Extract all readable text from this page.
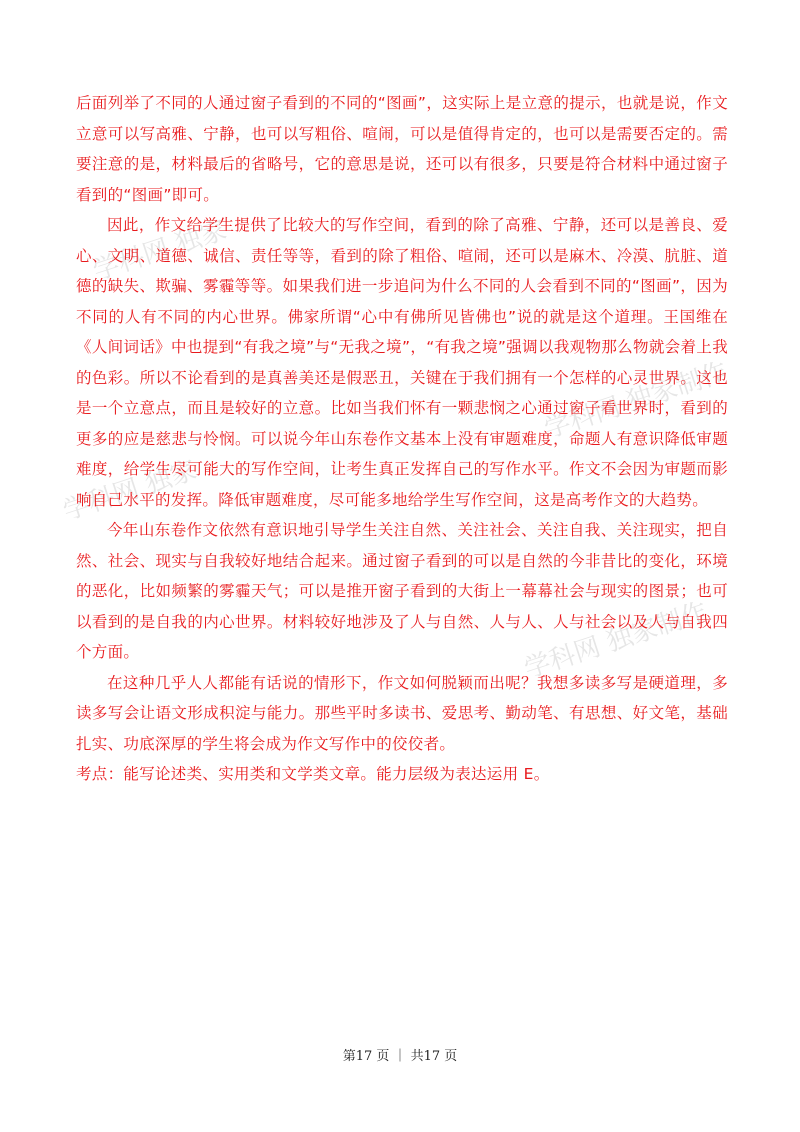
学科网 独家
学科网 独家
学科网 独家制作
学科网 独家制作

后面列举了不同的人通过窗子看到的不同的“图画”，这实际上是立意的提示，也就是说，作文立意可以写高雅、宁静，也可以写粗俗、喧闹，可以是值得肯定的，也可以是需要否定的。需要注意的是，材料最后的省略号，它的意思是说，还可以有很多，只要是符合材料中通过窗子看到的“图画”即可。

因此，作文给学生提供了比较大的写作空间，看到的除了高雅、宁静，还可以是善良、爱心、文明、道德、诚信、责任等等，看到的除了粗俗、喧闹，还可以是麻木、冷漠、肮脏、道德的缺失、欺骗、雾霾等等。如果我们进一步追问为什么不同的人会看到不同的“图画”，因为不同的人有不同的内心世界。佛家所谓“心中有佛所见皆佛也”说的就是这个道理。王国维在《人间词话》中也提到“有我之境”与“无我之境”，“有我之境”强调以我观物那么物就会着上我的色彩。所以不论看到的是真善美还是假恶丑，关键在于我们拥有一个怎样的心灵世界。这也是一个立意点，而且是较好的立意。比如当我们怀有一颗悲悯之心通过窗子看世界时，看到的更多的应是慈悲与怜悯。可以说今年山东卷作文基本上没有审题难度，命题人有意识降低审题难度，给学生尽可能大的写作空间，让考生真正发挥自己的写作水平。作文不会因为审题而影响自己水平的发挥。降低审题难度，尽可能多地给学生写作空间，这是高考作文的大趋势。

今年山东卷作文依然有意识地引导学生关注自然、关注社会、关注自我、关注现实，把自然、社会、现实与自我较好地结合起来。通过窗子看到的可以是自然的今非昔比的变化，环境的恶化，比如频繁的雾霾天气；可以是推开窗子看到的大街上一幕幕社会与现实的图景；也可以看到的是自我的内心世界。材料较好地涉及了人与自然、人与人、人与社会以及人与自我四个方面。

在这种几乎人人都能有话说的情形下，作文如何脱颖而出呢？我想多读多写是硬道理，多读多写会让语文形成积淀与能力。那些平时多读书、爱思考、勤动笔、有思想、好文笔，基础扎实、功底深厚的学生将会成为作文写作中的佼佼者。

考点：能写论述类、实用类和文学类文章。能力层级为表达运用 E。

第17 页 ｜ 共17 页
